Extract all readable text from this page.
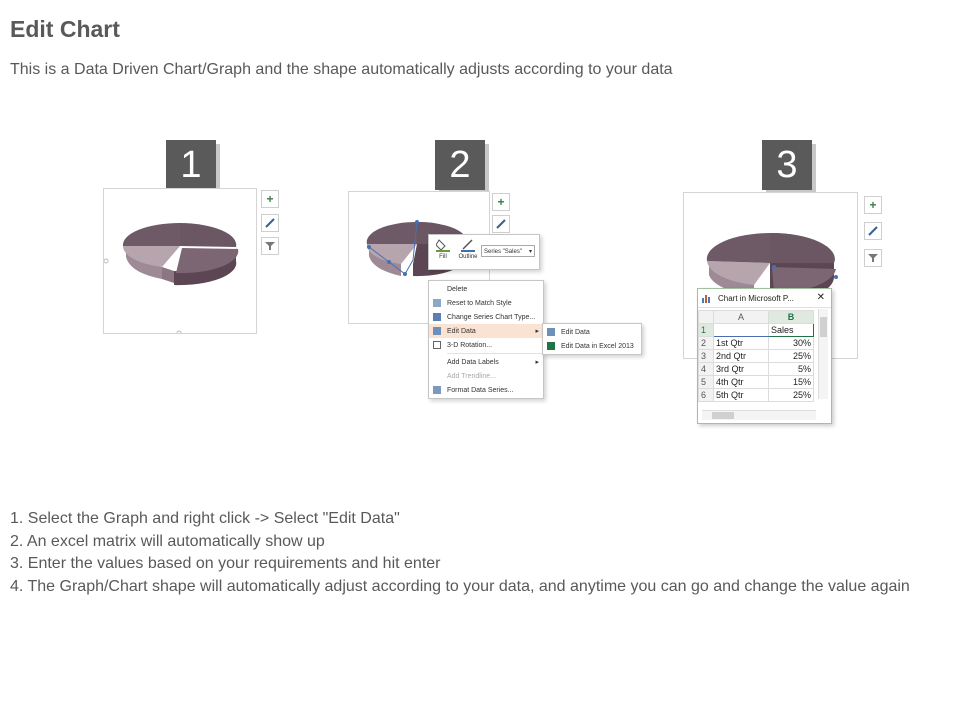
Edit Chart
This is a Data Driven Chart/Graph and the shape automatically adjusts according to your data
1	2	3
+	+
Fill	Outline
Series "Sales" ▾
Delete
Reset to Match Style
Change Series Chart Type...
Edit Data	▸
3-D Rotation...
Add Data Labels	▸
Add Trendline...
Format Data Series...
Edit Data
Edit Data in Excel 2013
+
Chart in Microsoft P... ✕
	A	B
1		Sales
2	1st Qtr	30%
3	2nd Qtr	25%
4	3rd Qtr	5%
5	4th Qtr	15%
6	5th Qtr	25%
1. Select the Graph and right click -> Select "Edit Data"
2. An excel matrix will automatically show up
3. Enter the values based on your requirements and hit enter
4. The Graph/Chart shape will automatically adjust according to your data, and anytime you can go and change the value again
